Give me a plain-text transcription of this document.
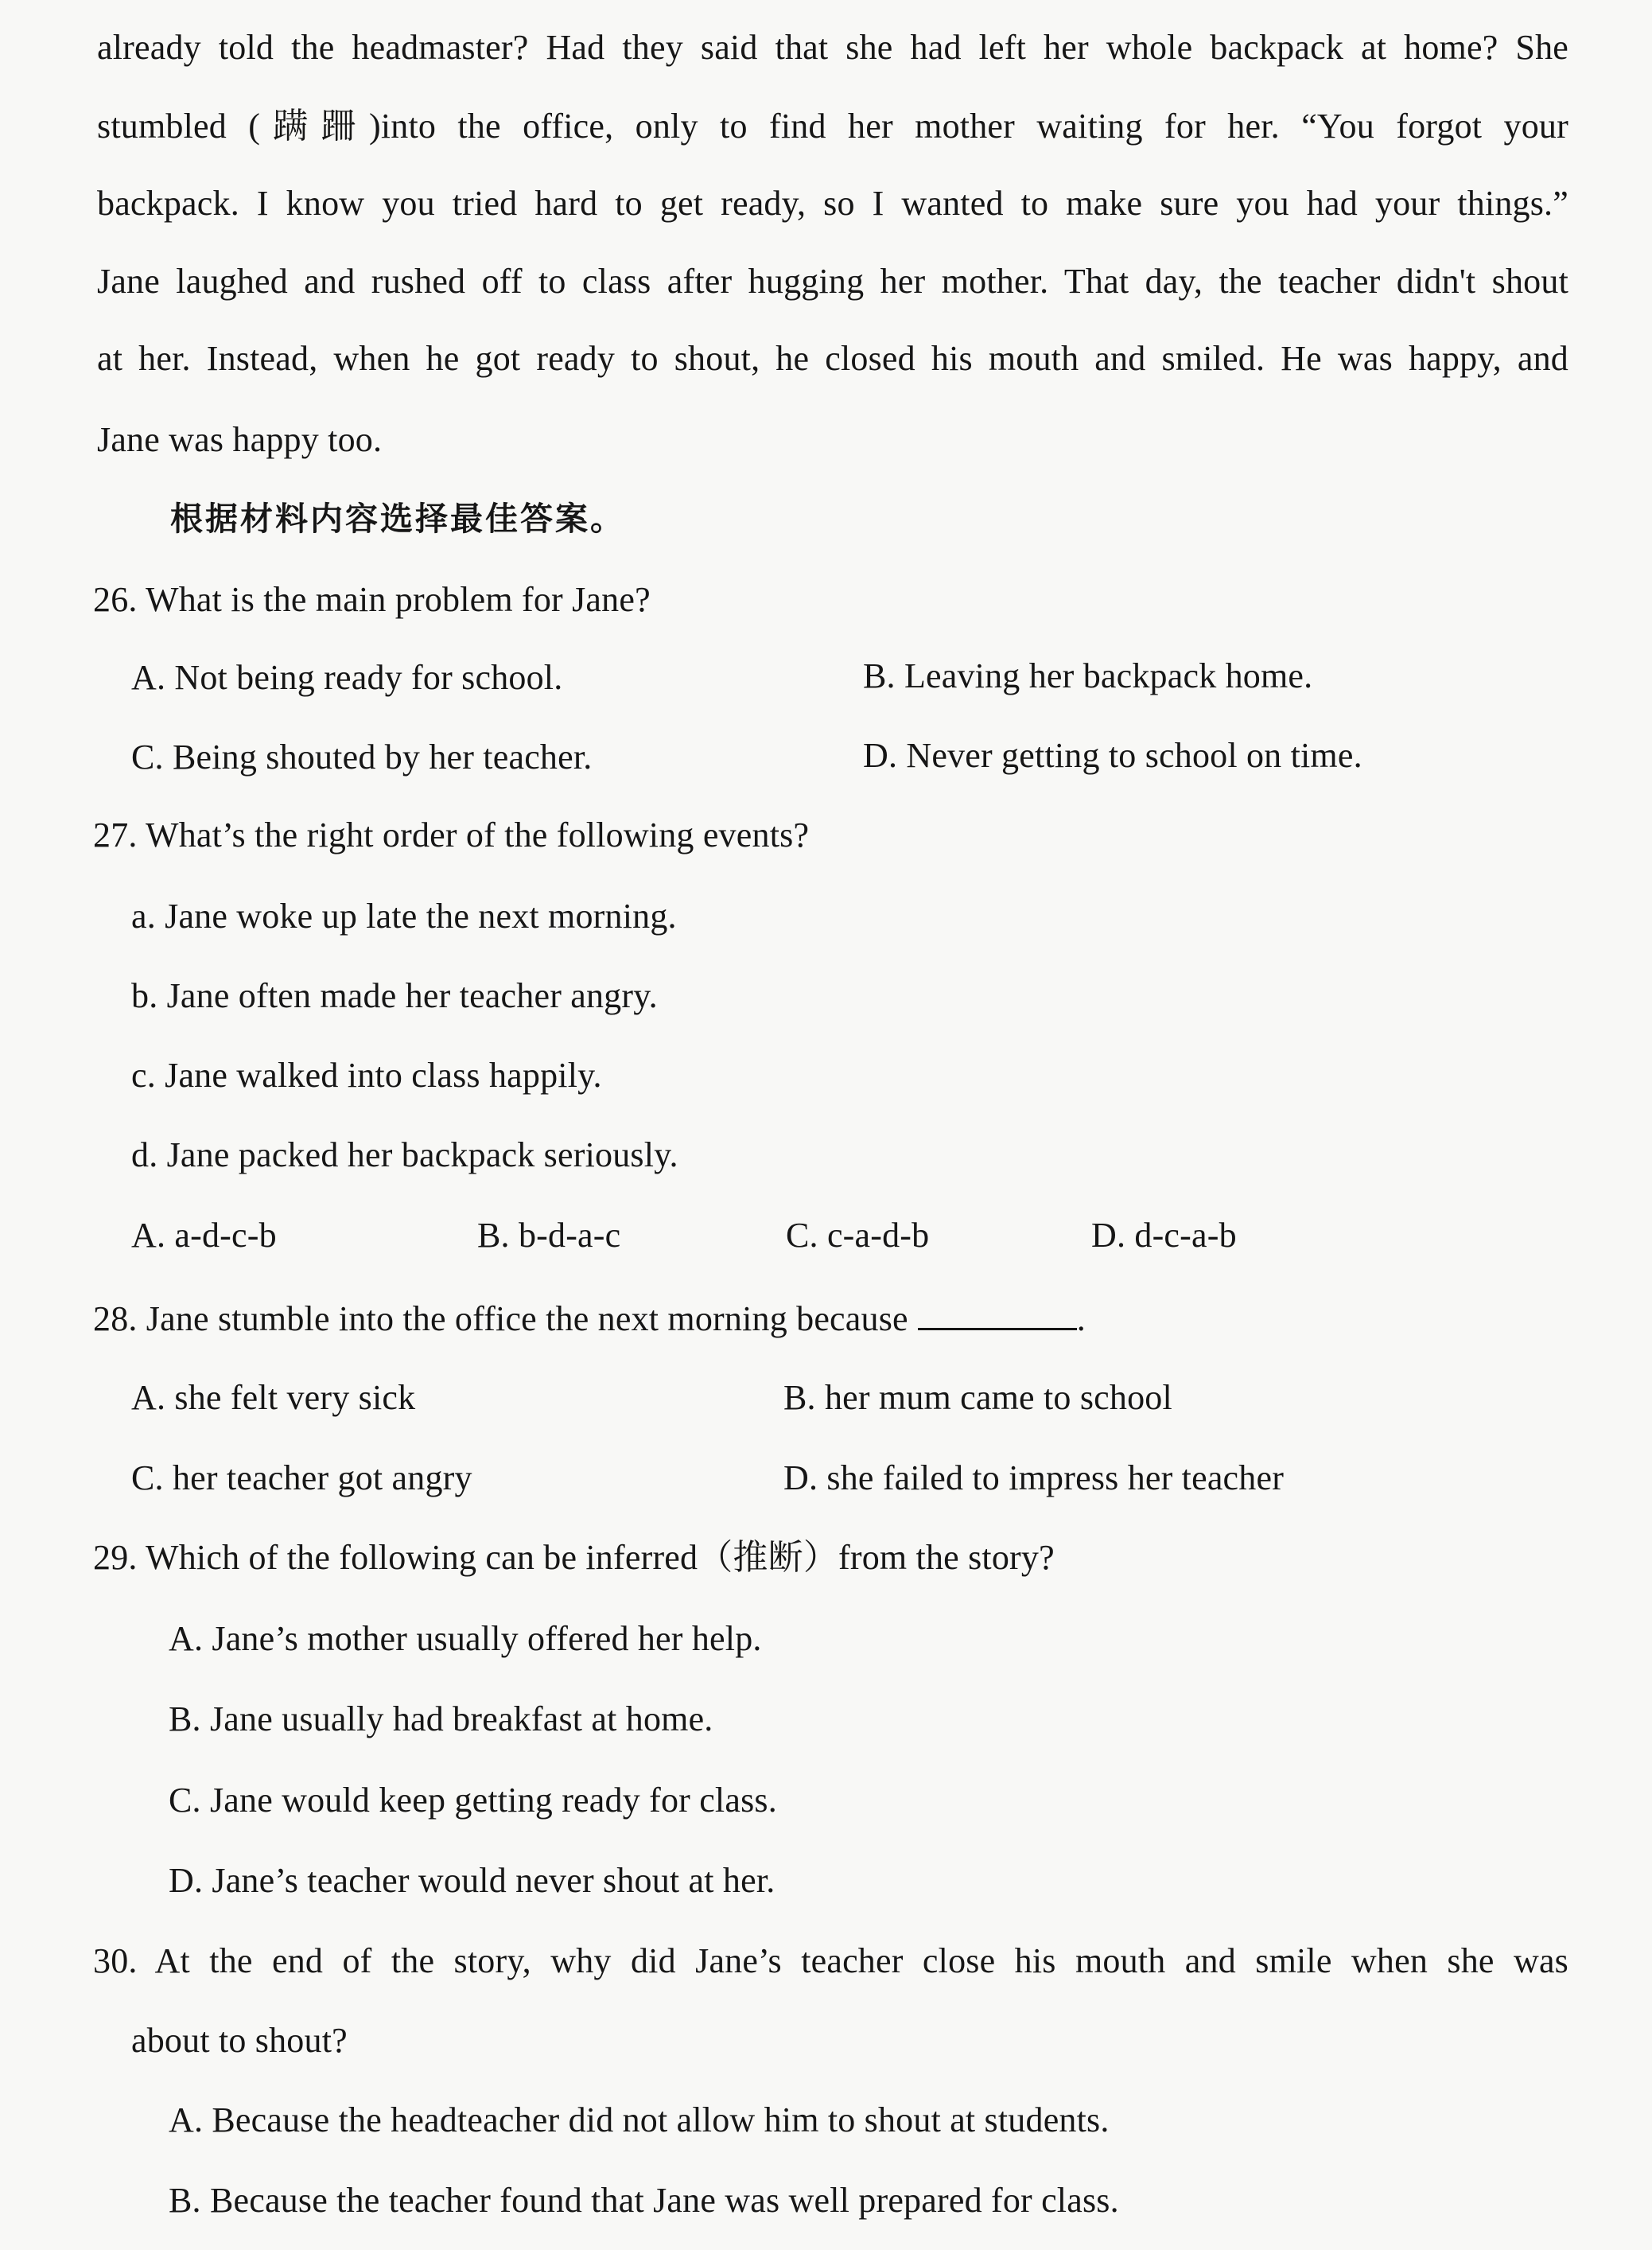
already told the headmaster? Had they said that she had left her whole backpack at home? She
stumbled (蹒跚)into the office, only to find her mother waiting for her. “You forgot your
backpack. I know you tried hard to get ready, so I wanted to make sure you had your things.”
Jane laughed and rushed off to class after hugging her mother. That day, the teacher didn't shout
at her. Instead, when he got ready to shout, he closed his mouth and smiled. He was happy, and
Jane was happy too.
根据材料内容选择最佳答案。
26. What is the main problem for Jane?
A. Not being ready for school.	B. Leaving her backpack home.
C. Being shouted by her teacher.	D. Never getting to school on time.
27. What’s the right order of the following events?
a. Jane woke up late the next morning.
b. Jane often made her teacher angry.
c. Jane walked into class happily.
d. Jane packed her backpack seriously.
A. a-d-c-b	B. b-d-a-c	C. c-a-d-b	D. d-c-a-b
28. Jane stumble into the office the next morning because	.
A. she felt very sick	B. her mum came to school
C. her teacher got angry	D. she failed to impress her teacher
29. Which of the following can be inferred（推断）from the story?
A. Jane’s mother usually offered her help.
B. Jane usually had breakfast at home.
C. Jane would keep getting ready for class.
D. Jane’s teacher would never shout at her.
30. At the end of the story, why did Jane’s teacher close his mouth and smile when she was
about to shout?
A. Because the headteacher did not allow him to shout at students.
B. Because the teacher found that Jane was well prepared for class.
